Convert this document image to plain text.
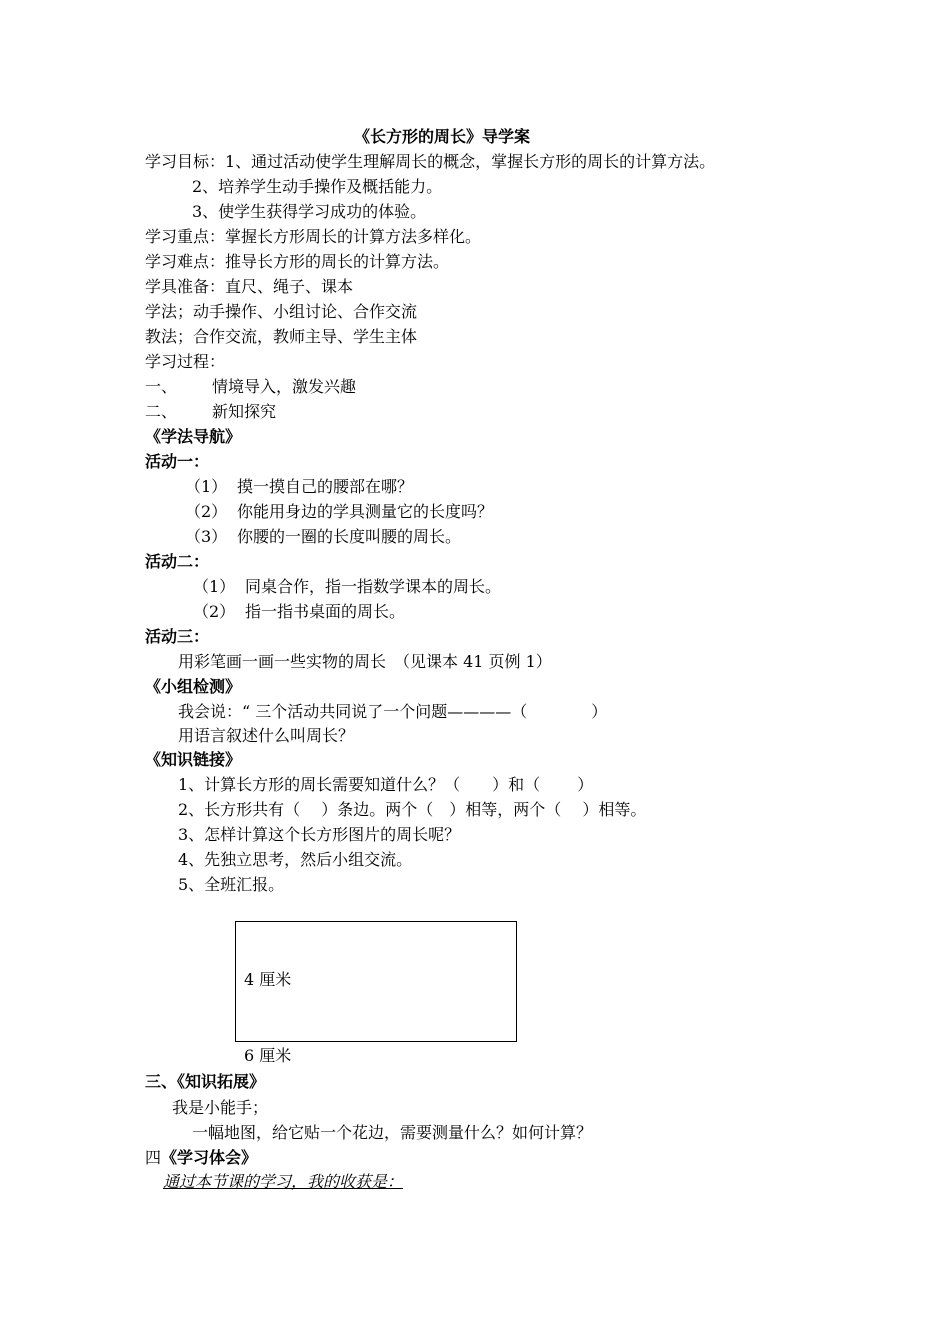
《长方形的周长》导学案
学习目标：1、通过活动使学生理解周长的概念，掌握长方形的周长的计算方法。
2、培养学生动手操作及概括能力。
3、使学生获得学习成功的体验。
学习重点：掌握长方形周长的计算方法多样化。
学习难点：推导长方形的周长的计算方法。
学具准备：直尺、绳子、课本
学法；动手操作、小组讨论、合作交流
教法；合作交流，教师主导、学生主体
学习过程：
一、 情境导入，激发兴趣
二、 新知探究
《学法导航》
活动一：
（1） 摸一摸自己的腰部在哪？
（2） 你能用身边的学具测量它的长度吗？
（3） 你腰的一圈的长度叫腰的周长。
活动二：
（1） 同桌合作，指一指数学课本的周长。
（2） 指一指书桌面的周长。
活动三：
用彩笔画一画一些实物的周长　（见课本 41 页例 1）
《小组检测》
我会说：“ 三个活动共同说了一个问题————（　　　　）
用语言叙述什么叫周长？
《知识链接》
1、计算长方形的周长需要知道什么？（　　）和（　　 ）
2、长方形共有（　 ）条边。两个（　）相等，两个（　 ）相等。
3、怎样计算这个长方形图片的周长呢？
4、先独立思考，然后小组交流。
5、全班汇报。
4 厘米
6 厘米
三、《知识拓展》
我是小能手；
一幅地图，给它贴一个花边，需要测量什么？如何计算？
四 《学习体会》
通过本节课的学习，我的收获是：
